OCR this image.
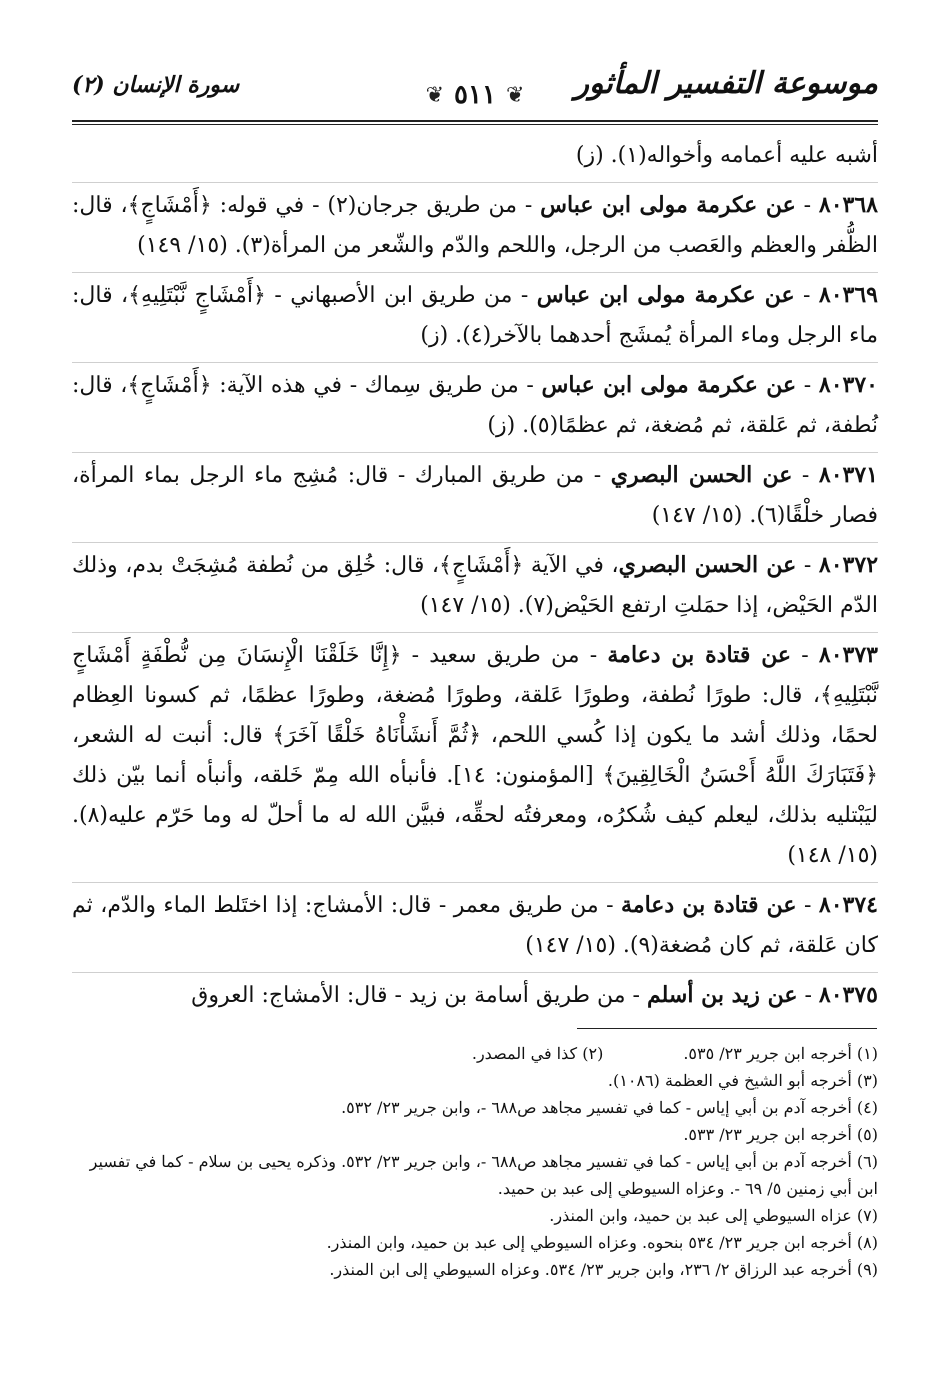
موسوعة التفسير المأثور
❦ ٥١١ ❦
سورة الإنسان (٢)

أشبه عليه أعمامه وأخواله(١). (ز)

٨٠٣٦٨ - عن عكرمة مولى ابن عباس - من طريق جرجان(٢) - في قوله: ﴿أَمْشَاجٍ﴾، قال: الظُّفر والعظم والعَصب من الرجل، واللحم والدّم والشّعر من المرأة(٣). (١٥/ ١٤٩)

٨٠٣٦٩ - عن عكرمة مولى ابن عباس - من طريق ابن الأصبهاني - ﴿أَمْشَاجٍ نَّبْتَلِيهِ﴾، قال: ماء الرجل وماء المرأة يُمشَج أحدهما بالآخر(٤). (ز)

٨٠٣٧٠ - عن عكرمة مولى ابن عباس - من طريق سِماك - في هذه الآية: ﴿أَمْشَاجٍ﴾، قال: نُطفة، ثم عَلقة، ثم مُضغة، ثم عظمًا(٥). (ز)

٨٠٣٧١ - عن الحسن البصري - من طريق المبارك - قال: مُشِج ماء الرجل بماء المرأة، فصار خلْقًا(٦). (١٥/ ١٤٧)

٨٠٣٧٢ - عن الحسن البصري، في الآية ﴿أَمْشَاجٍ﴾، قال: خُلِق من نُطفة مُشِجَتْ بدم، وذلك الدّم الحَيْض، إذا حمَلتِ ارتفع الحَيْض(٧). (١٥/ ١٤٧)

٨٠٣٧٣ - عن قتادة بن دعامة - من طريق سعيد - ﴿إِنَّا خَلَقْنَا الْإِنسَانَ مِن نُّطْفَةٍ أَمْشَاجٍ نَّبْتَلِيهِ﴾، قال: طورًا نُطفة، وطورًا عَلقة، وطورًا مُضغة، وطورًا عظمًا، ثم كسونا العِظام لحمًا، وذلك أشد ما يكون إذا كُسي اللحم، ﴿ثُمَّ أَنشَأْنَاهُ خَلْقًا آخَرَ﴾ قال: أنبت له الشعر، ﴿فَتَبَارَكَ اللَّهُ أَحْسَنُ الْخَالِقِينَ﴾ [المؤمنون: ١٤]. فأنبأه الله مِمّ خَلقه، وأنبأه أنما بيّن ذلك ليَبْتليه بذلك، ليعلم كيف شُكرُه، ومعرفتُه لحقِّه، فبيَّن الله له ما أحلّ له وما حَرّم عليه(٨). (١٥/ ١٤٨)

٨٠٣٧٤ - عن قتادة بن دعامة - من طريق معمر - قال: الأمشاج: إذا اختَلط الماء والدّم، ثم كان عَلقة، ثم كان مُضغة(٩). (١٥/ ١٤٧)

٨٠٣٧٥ - عن زيد بن أسلم - من طريق أسامة بن زيد - قال: الأمشاج: العروق

(١) أخرجه ابن جرير ٢٣/ ٥٣٥.

(٢) كذا في المصدر.

(٣) أخرجه أبو الشيخ في العظمة (١٠٨٦).

(٤) أخرجه آدم بن أبي إياس - كما في تفسير مجاهد ص٦٨٨ -، وابن جرير ٢٣/ ٥٣٢.

(٥) أخرجه ابن جرير ٢٣/ ٥٣٣.

(٦) أخرجه آدم بن أبي إياس - كما في تفسير مجاهد ص٦٨٨ -، وابن جرير ٢٣/ ٥٣٢. وذكره يحيى بن سلام - كما في تفسير ابن أبي زمنين ٥/ ٦٩ -. وعزاه السيوطي إلى عبد بن حميد.

(٧) عزاه السيوطي إلى عبد بن حميد، وابن المنذر.

(٨) أخرجه ابن جرير ٢٣/ ٥٣٤ بنحوه. وعزاه السيوطي إلى عبد بن حميد، وابن المنذر.

(٩) أخرجه عبد الرزاق ٢/ ٢٣٦، وابن جرير ٢٣/ ٥٣٤. وعزاه السيوطي إلى ابن المنذر.
